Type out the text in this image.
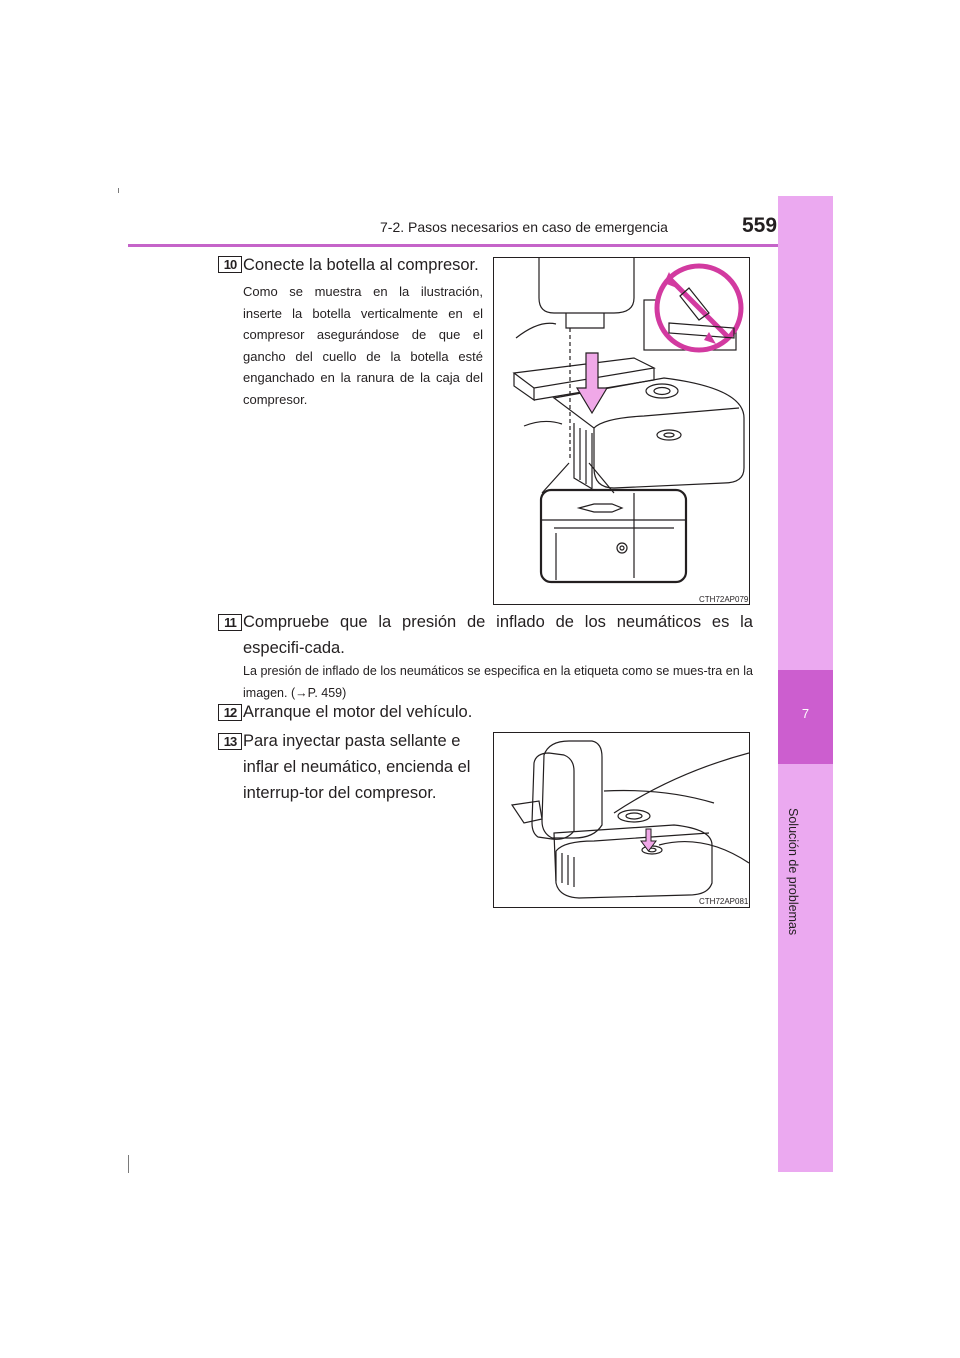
7-2. Pasos necesarios en caso de emergencia	559
7
Solución de problemas
10 Conecte la botella al compresor.
Como se muestra en la ilustración, inserte la botella verticalmente en el compresor asegurándose de que el gancho del cuello de la botella esté enganchado en la ranura de la caja del compresor.
CTH72AP079
11 Compruebe que la presión de inflado de los neumáticos es la especifi-cada.
La presión de inflado de los neumáticos se especifica en la etiqueta como se mues-tra en la imagen. (→P. 459)
12 Arranque el motor del vehículo.
13 Para inyectar pasta sellante e inflar el neumático, encienda el interrup-tor del compresor.
CTH72AP081
